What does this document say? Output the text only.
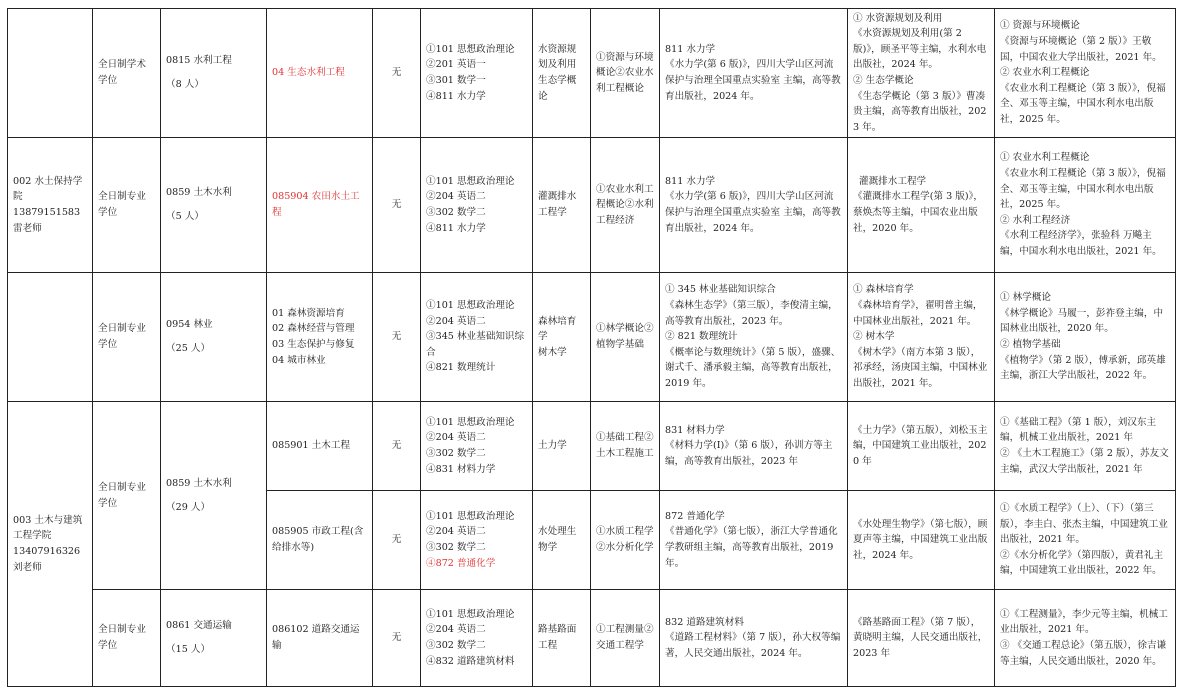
	全日制学术学位	0815 水利工程
（8 人）	04 生态水利工程	无	①101 思想政治理论
②201 英语一
③301 数学一
④811 水力学	水资源规划及利用生态学概论	①资源与环境概论②农业水利工程概论	811 水力学
《水力学(第 6 版)》，四川大学山区河流保护与治理全国重点实验室 主编，高等教育出版社，2024 年。	① 水资源规划及利用
《水资源规划及利用(第 2 版)》，顾圣平等主编，水利水电出版社，2024 年。
② 生态学概论
《生态学概论（第 3 版）》曹凑贵主编，高等教育出版社，2023 年。	① 资源与环境概论
《资源与环境概论（第 2 版）》王敬国，中国农业大学出版社，2021 年。
② 农业水利工程概论
《农业水利工程概论（第 3 版）》，倪福全、邓玉等主编，中国水利水电出版社，2025 年。

002 水土保持学院
13879151583
雷老师	全日制专业学位	0859 土木水利
（5 人）	085904 农田水土工程	无	①101 思想政治理论
②204 英语二
③302 数学二
④811 水力学	灌溉排水工程学	①农业水利工程概论②水利工程经济	811 水力学
《水力学(第 6 版)》，四川大学山区河流保护与治理全国重点实验室 主编，高等教育出版社，2024 年。	灌溉排水工程学
《灌溉排水工程学(第 3 版)》，蔡焕杰等主编，中国农业出版社，2020 年。	① 农业水利工程概论
《农业水利工程概论（第 3 版）》，倪福全、邓玉等主编，中国水利水电出版社，2025 年。
② 水利工程经济
《水利工程经济学》，张验科 万飚主编，中国水利水电出版社，2021 年。

	全日制专业学位	0954 林业
（25 人）	01 森林资源培育
02 森林经营与管理
03 生态保护与修复
04 城市林业	无	①101 思想政治理论
②204 英语二
③345 林业基础知识综合
④821 数理统计	森林培育学
树木学	①林学概论②植物学基础	① 345 林业基础知识综合
《森林生态学》（第三版），李俊清主编，高等教育出版社，2023 年。
② 821 数理统计
《概率论与数理统计》（第 5 版），盛骤、谢式千、潘承毅主编，高等教育出版社，2019 年。	① 森林培育学
《森林培育学》，翟明普主编，中国林业出版社，2021 年。
② 树木学
《树木学》（南方本第 3 版），祁承经，汤庚国主编，中国林业出版社，2021 年。	① 林学概论
《林学概论》马履一，彭祚登主编，中国林业出版社，2020 年。
② 植物学基础
《植物学》（第 2 版），傅承新，邱英雄主编，浙江大学出版社，2022 年。

003 土木与建筑工程学院
13407916326
刘老师	全日制专业学位	0859 土木水利
（29 人）	085901 土木工程	无	①101 思想政治理论
②204 英语二
③302 数学二
④831 材料力学	土力学	①基础工程②土木工程施工	831 材料力学
《材料力学(I)》（第 6 版），孙训方等主编，高等教育出版社，2023 年	《土力学》（第五版），刘松玉主编，中国建筑工业出版社，2020 年	①《基础工程》（第 1 版），刘汉东主编，机械工业出版社，2021 年
② 《土木工程施工》（第 2 版），苏友文主编，武汉大学出版社，2021 年

			085905 市政工程(含给排水等)	无	①101 思想政治理论
②204 英语二
③302 数学二
④872 普通化学	水处理生物学	①水质工程学②水分析化学	872 普通化学
《普通化学》（第七版），浙江大学普通化学教研组主编，高等教育出版社，2019 年。	《水处理生物学》（第七版），顾夏声等主编，中国建筑工业出版社，2024 年。	①《水质工程学》（上）、（下）（第三版），李圭白、张杰主编，中国建筑工业出版社，2021 年。
②《水分析化学》（第四版），黄君礼主编，中国建筑工业出版社，2022 年。

	全日制专业学位	0861 交通运输
（15 人）	086102 道路交通运输	无	①101 思想政治理论
②204 英语二
③302 数学二
④832 道路建筑材料	路基路面工程	①工程测量②交通工程学	832 道路建筑材料
《道路工程材料》（第 7 版），孙大权等编著，人民交通出版社，2024 年。	《路基路面工程》（第 7 版），黄晓明主编，人民交通出版社，2023 年	①《工程测量》，李少元等主编，机械工业出版社，2021 年。
③ 《交通工程总论》（第五版），徐吉谦等主编，人民交通出版社，2020 年。
